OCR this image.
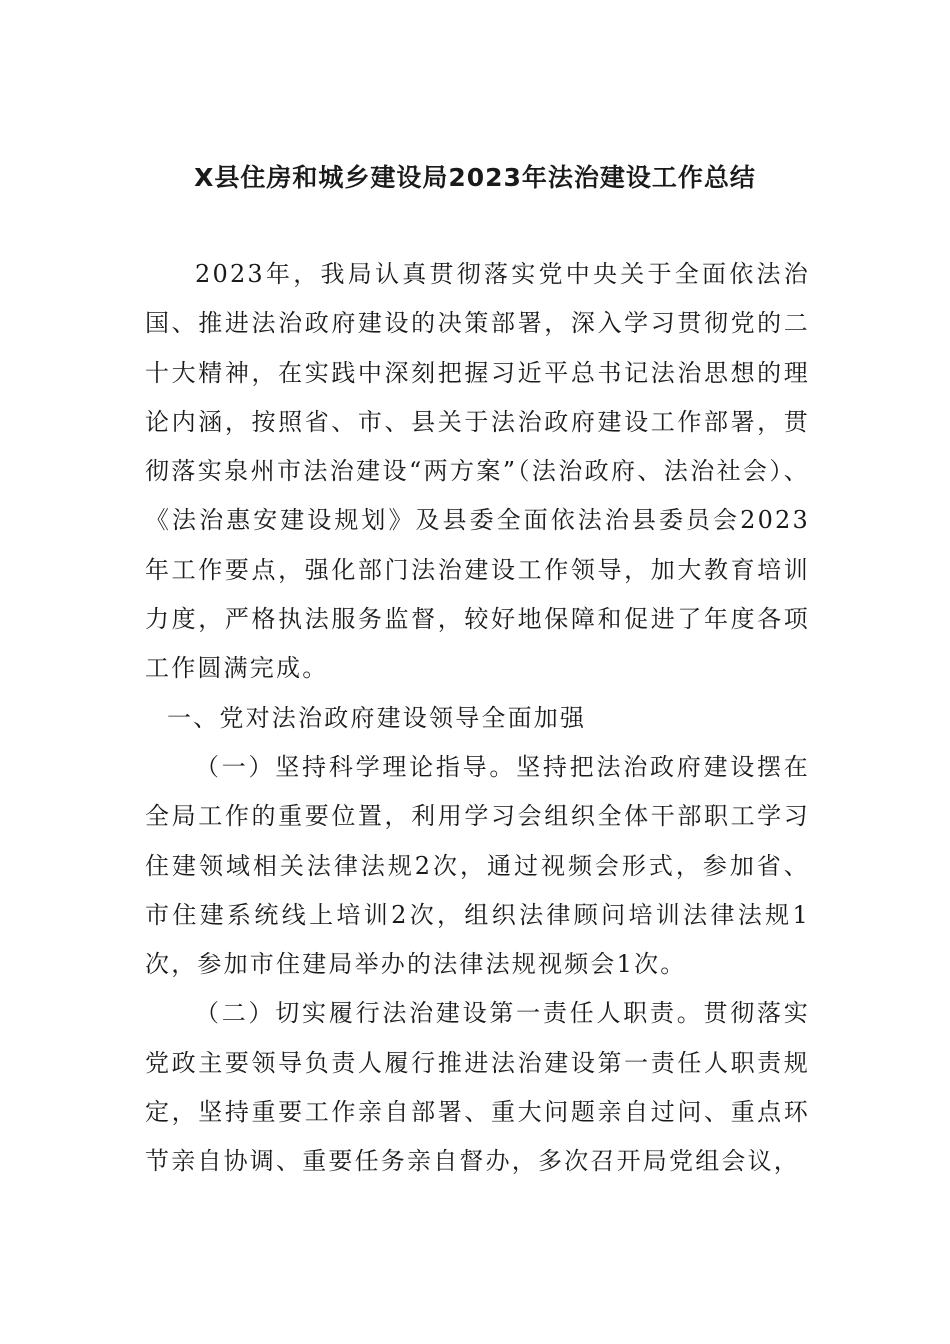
X县住房和城乡建设局2023年法治建设工作总结

2023年，我局认真贯彻落实党中央关于全面依法治国、推进法治政府建设的决策部署，深入学习贯彻党的二十大精神，在实践中深刻把握习近平总书记法治思想的理论内涵，按照省、市、县关于法治政府建设工作部署，贯彻落实泉州市法治建设“两方案”（法治政府、法治社会）、《法治惠安建设规划》及县委全面依法治县委员会2023年工作要点，强化部门法治建设工作领导，加大教育培训力度，严格执法服务监督，较好地保障和促进了年度各项工作圆满完成。

一、党对法治政府建设领导全面加强

（一）坚持科学理论指导。坚持把法治政府建设摆在全局工作的重要位置，利用学习会组织全体干部职工学习住建领域相关法律法规2次，通过视频会形式，参加省、市住建系统线上培训2次，组织法律顾问培训法律法规1次，参加市住建局举办的法律法规视频会1次。

（二）切实履行法治建设第一责任人职责。贯彻落实党政主要领导负责人履行推进法治建设第一责任人职责规定，坚持重要工作亲自部署、重大问题亲自过问、重点环节亲自协调、重要任务亲自督办，多次召开局党组会议，
